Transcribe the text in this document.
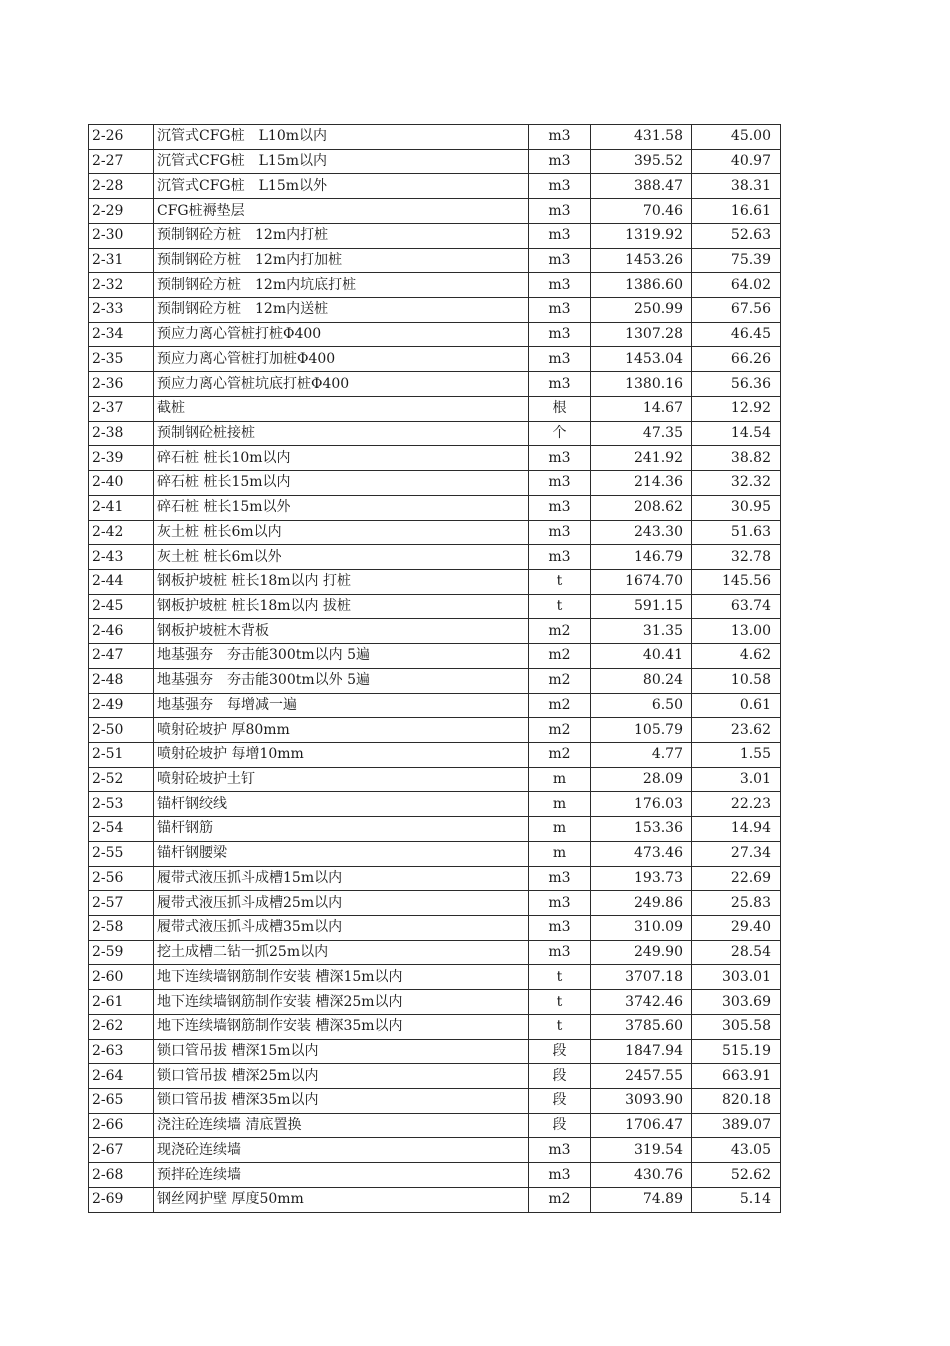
2-26	沉管式CFG桩　L10m以内	m3	431.58	45.00
2-27	沉管式CFG桩　L15m以内	m3	395.52	40.97
2-28	沉管式CFG桩　L15m以外	m3	388.47	38.31
2-29	CFG桩褥垫层	m3	70.46	16.61
2-30	预制钢砼方桩　12m内打桩	m3	1319.92	52.63
2-31	预制钢砼方桩　12m内打加桩	m3	1453.26	75.39
2-32	预制钢砼方桩　12m内坑底打桩	m3	1386.60	64.02
2-33	预制钢砼方桩　12m内送桩	m3	250.99	67.56
2-34	预应力离心管桩打桩Φ400	m3	1307.28	46.45
2-35	预应力离心管桩打加桩Φ400	m3	1453.04	66.26
2-36	预应力离心管桩坑底打桩Φ400	m3	1380.16	56.36
2-37	截桩	根	14.67	12.92
2-38	预制钢砼桩接桩	个	47.35	14.54
2-39	碎石桩 桩长10m以内	m3	241.92	38.82
2-40	碎石桩 桩长15m以内	m3	214.36	32.32
2-41	碎石桩 桩长15m以外	m3	208.62	30.95
2-42	灰土桩 桩长6m以内	m3	243.30	51.63
2-43	灰土桩 桩长6m以外	m3	146.79	32.78
2-44	钢板护坡桩 桩长18m以内 打桩	t	1674.70	145.56
2-45	钢板护坡桩 桩长18m以内 拔桩	t	591.15	63.74
2-46	钢板护坡桩木背板	m2	31.35	13.00
2-47	地基强夯　夯击能300tm以内 5遍	m2	40.41	4.62
2-48	地基强夯　夯击能300tm以外 5遍	m2	80.24	10.58
2-49	地基强夯　每增减一遍	m2	6.50	0.61
2-50	喷射砼坡护 厚80mm	m2	105.79	23.62
2-51	喷射砼坡护 每增10mm	m2	4.77	1.55
2-52	喷射砼坡护土钉	m	28.09	3.01
2-53	锚杆钢绞线	m	176.03	22.23
2-54	锚杆钢筋	m	153.36	14.94
2-55	锚杆钢腰梁	m	473.46	27.34
2-56	履带式液压抓斗成槽15m以内	m3	193.73	22.69
2-57	履带式液压抓斗成槽25m以内	m3	249.86	25.83
2-58	履带式液压抓斗成槽35m以内	m3	310.09	29.40
2-59	挖土成槽二钻一抓25m以内	m3	249.90	28.54
2-60	地下连续墙钢筋制作安装 槽深15m以内	t	3707.18	303.01
2-61	地下连续墙钢筋制作安装 槽深25m以内	t	3742.46	303.69
2-62	地下连续墙钢筋制作安装 槽深35m以内	t	3785.60	305.58
2-63	锁口管吊拔 槽深15m以内	段	1847.94	515.19
2-64	锁口管吊拔 槽深25m以内	段	2457.55	663.91
2-65	锁口管吊拔 槽深35m以内	段	3093.90	820.18
2-66	浇注砼连续墙 清底置换	段	1706.47	389.07
2-67	现浇砼连续墙	m3	319.54	43.05
2-68	预拌砼连续墙	m3	430.76	52.62
2-69	钢丝网护壁 厚度50mm	m2	74.89	5.14
